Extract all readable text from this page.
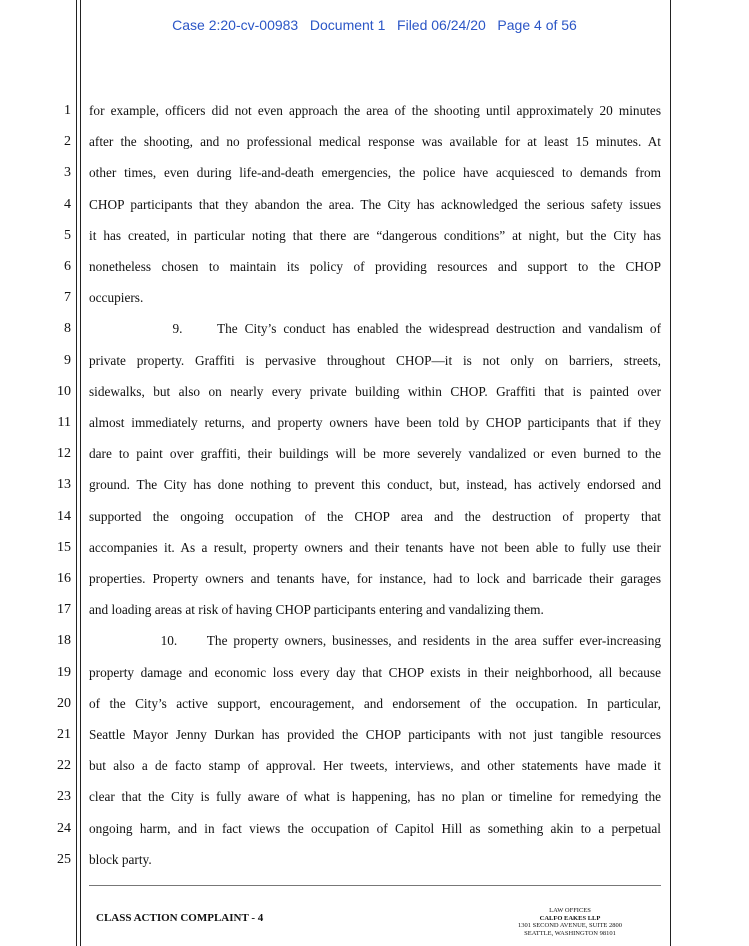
Case 2:20-cv-00983   Document 1   Filed 06/24/20   Page 4 of 56
1 for example, officers did not even approach the area of the shooting until approximately 20 minutes
2 after the shooting, and no professional medical response was available for at least 15 minutes. At
3 other times, even during life-and-death emergencies, the police have acquiesced to demands from
4 CHOP participants that they abandon the area. The City has acknowledged the serious safety issues
5 it has created, in particular noting that there are “dangerous conditions” at night, but the City has
6 nonetheless chosen to maintain its policy of providing resources and support to the CHOP
7 occupiers.
8 9.     The City’s conduct has enabled the widespread destruction and vandalism of
9 private property. Graffiti is pervasive throughout CHOP—it is not only on barriers, streets,
10 sidewalks, but also on nearly every private building within CHOP. Graffiti that is painted over
11 almost immediately returns, and property owners have been told by CHOP participants that if they
12 dare to paint over graffiti, their buildings will be more severely vandalized or even burned to the
13 ground. The City has done nothing to prevent this conduct, but, instead, has actively endorsed and
14 supported the ongoing occupation of the CHOP area and the destruction of property that
15 accompanies it. As a result, property owners and their tenants have not been able to fully use their
16 properties. Property owners and tenants have, for instance, had to lock and barricade their garages
17 and loading areas at risk of having CHOP participants entering and vandalizing them.
18 10.     The property owners, businesses, and residents in the area suffer ever-increasing
19 property damage and economic loss every day that CHOP exists in their neighborhood, all because
20 of the City’s active support, encouragement, and endorsement of the occupation. In particular,
21 Seattle Mayor Jenny Durkan has provided the CHOP participants with not just tangible resources
22 but also a de facto stamp of approval. Her tweets, interviews, and other statements have made it
23 clear that the City is fully aware of what is happening, has no plan or timeline for remedying the
24 ongoing harm, and in fact views the occupation of Capitol Hill as something akin to a perpetual
25 block party.
CLASS ACTION COMPLAINT - 4
LAW OFFICES
CALFO EAKES LLP
1301 SECOND AVENUE, SUITE 2800
SEATTLE, WASHINGTON 98101
